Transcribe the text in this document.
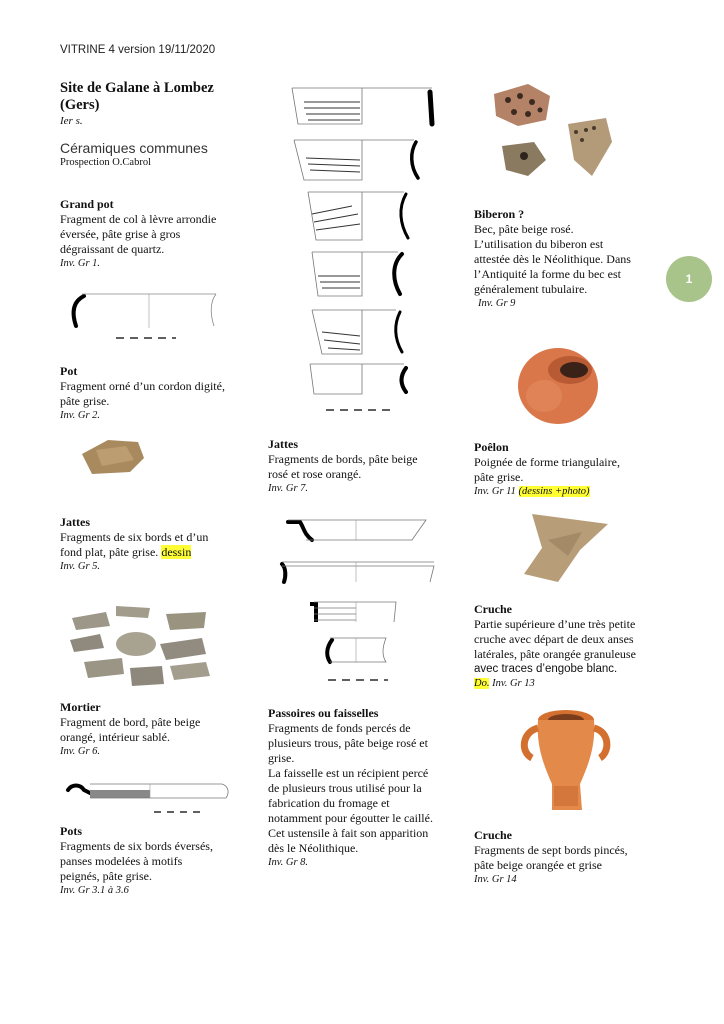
VITRINE 4 version 19/11/2020
1
Site de Galane à Lombez
(Gers)
Ier s.
Céramiques communes
Prospection O.Cabrol
Grand pot
Fragment de col à lèvre arrondie
éversée, pâte grise à gros
dégraissant de quartz.
Inv. Gr 1.
Pot
Fragment orné d’un cordon digité,
pâte grise.
Inv. Gr 2.
Jattes
Fragments de six bords et d’un
fond plat, pâte grise. dessin
Inv. Gr 5.
Mortier
Fragment de bord, pâte beige
orangé, intérieur sablé.
Inv. Gr 6.
Pots
Fragments de six bords éversés,
panses modelées à motifs
peignés, pâte grise.
Inv. Gr 3.1 à 3.6
Jattes
Fragments de bords, pâte beige
rosé et rose orangé.
Inv. Gr 7.
Passoires ou faisselles
Fragments de fonds percés de
plusieurs trous, pâte beige rosé et
grise.
La faisselle est un récipient percé
de plusieurs trous utilisé pour la
fabrication du fromage et
notamment pour égoutter le caillé.
Cet ustensile à fait son apparition
dès le Néolithique.
Inv. Gr 8.
Biberon ?
Bec, pâte beige rosé.
L’utilisation du biberon est
attestée dès le Néolithique. Dans
l’Antiquité la forme du bec est
généralement tubulaire.
Inv. Gr 9
Poêlon
Poignée de forme triangulaire,
pâte grise.
Inv. Gr 11 (dessins +photo)
Cruche
Partie supérieure d’une très petite
cruche avec départ de deux anses
latérales, pâte orangée granuleuse
avec traces d’engobe blanc.
Do. Inv. Gr 13
Cruche
Fragments de sept bords pincés,
pâte beige orangée et grise
Inv. Gr 14
